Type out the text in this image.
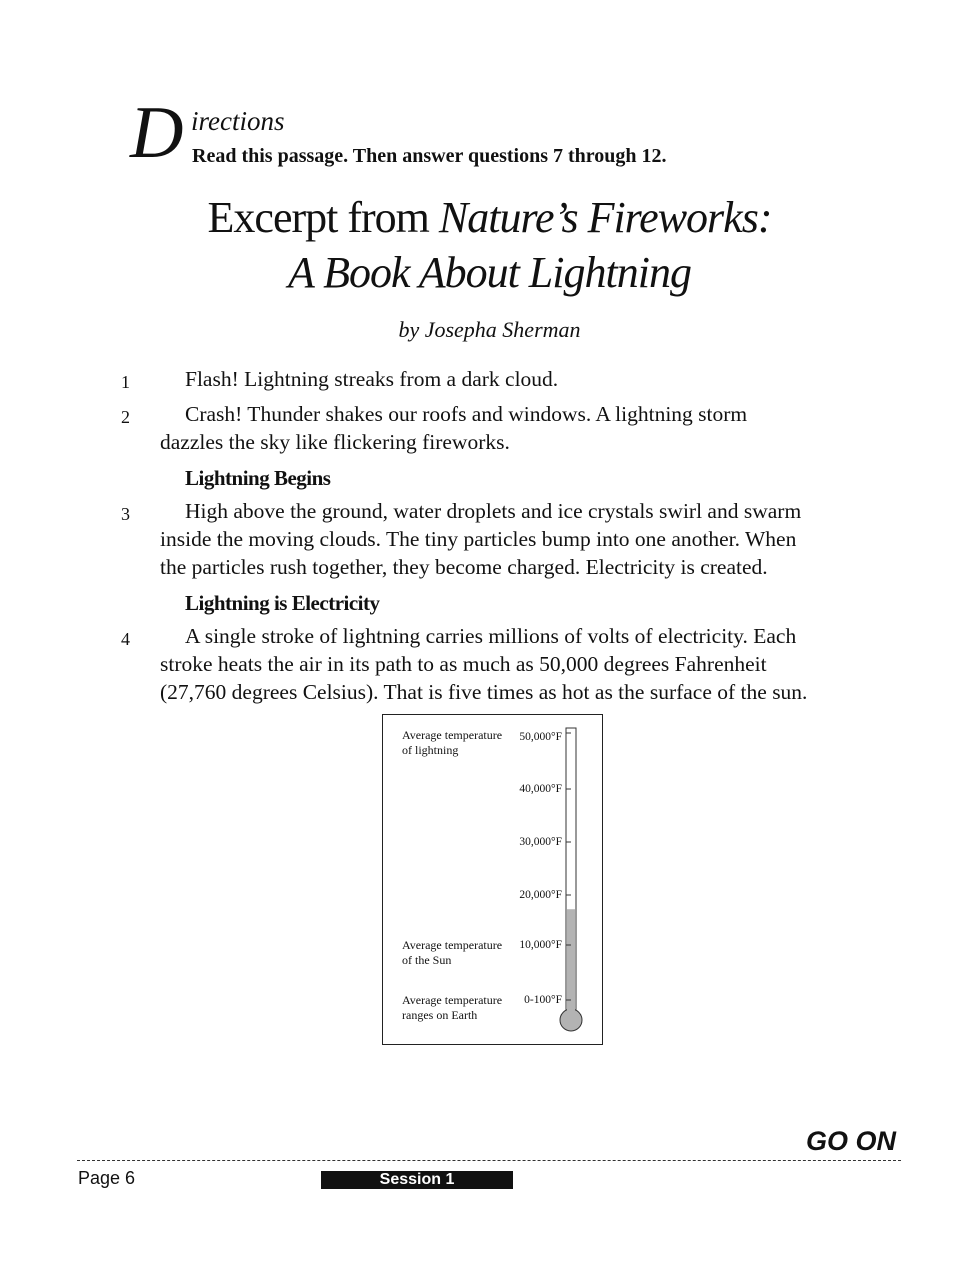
D irections
Read this passage. Then answer questions 7 through 12.
Excerpt from Nature’s Fireworks:
A Book About Lightning
by Josepha Sherman
1	Flash! Lightning streaks from a dark cloud.
2	Crash! Thunder shakes our roofs and windows. A lightning storm
dazzles the sky like flickering fireworks.
Lightning Begins
3	High above the ground, water droplets and ice crystals swirl and swarm
inside the moving clouds. The tiny particles bump into one another. When
the particles rush together, they become charged. Electricity is created.
Lightning is Electricity
4	A single stroke of lightning carries millions of volts of electricity. Each
stroke heats the air in its path to as much as 50,000 degrees Fahrenheit
(27,760 degrees Celsius). That is five times as hot as the surface of the sun.
Average temperature
of lightning
Average temperature
of the Sun
Average temperature
ranges on Earth
50,000°F
40,000°F
30,000°F
20,000°F
10,000°F
0-100°F
GO ON
Page 6	Session 1
